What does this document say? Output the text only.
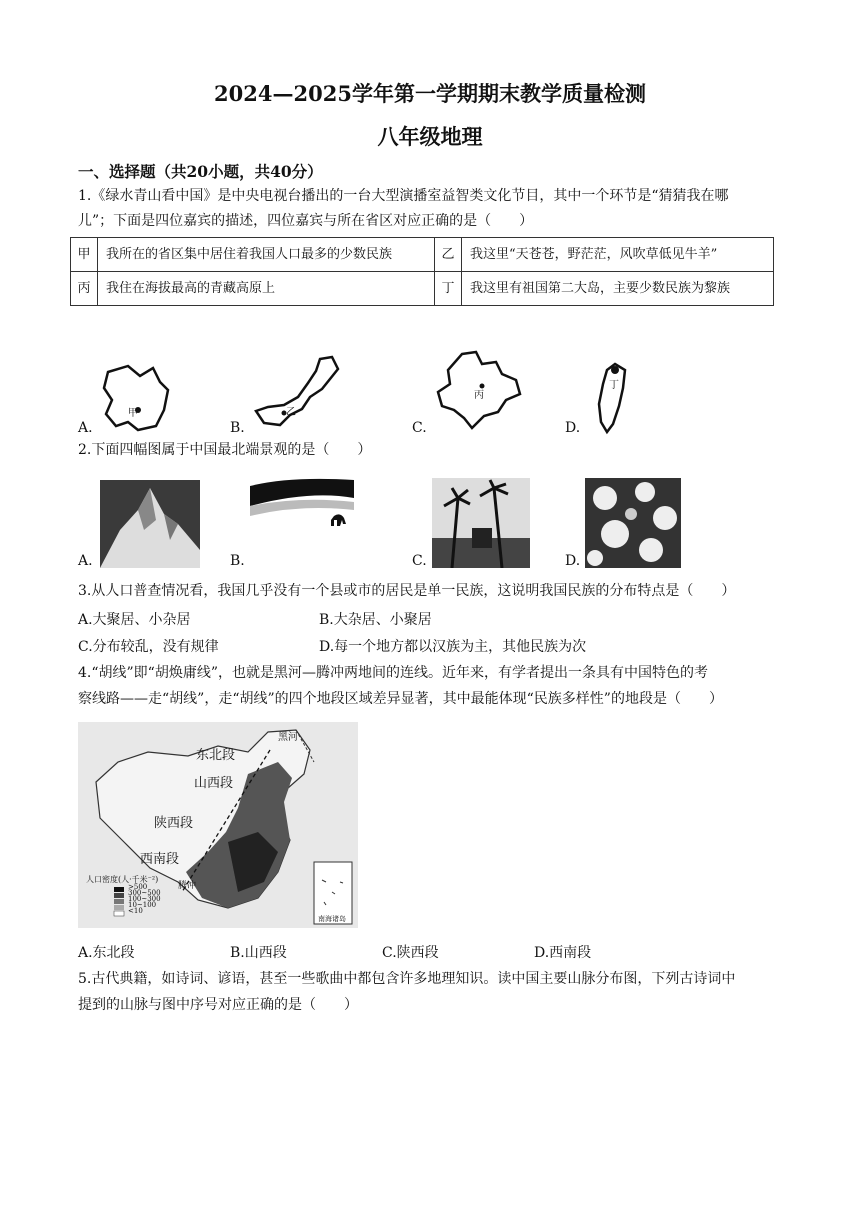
2024—2025学年第一学期期末教学质量检测
八年级地理
一、选择题（共20小题，共40分）
1.《绿水青山看中国》是中央电视台播出的一台大型演播室益智类文化节目，其中一个环节是“猜猜我在哪
儿”；下面是四位嘉宾的描述，四位嘉宾与所在省区对应正确的是（　　）
甲	我所在的省区集中居住着我国人口最多的少数民族	乙	我这里“天苍苍，野茫茫，风吹草低见牛羊”
丙	我住在海拔最高的青藏高原上	丁	我这里有祖国第二大岛，主要少数民族为黎族
A.
甲
B.
乙
C.
丙
D.
丁
2.下面四幅图属于中国最北端景观的是（　　）
A.	B.	C.	D.
3.从人口普查情况看，我国几乎没有一个县或市的居民是单一民族，这说明我国民族的分布特点是（　　）
A.大聚居、小杂居	B.大杂居、小聚居
C.分布较乱，没有规律	D.每一个地方都以汉族为主，其他民族为次
4.“胡线”即“胡焕庸线”，也就是黑河—腾冲两地间的连线。近年来，有学者提出一条具有中国特色的考
察线路——走“胡线”，走“胡线”的四个地段区域差异显著，其中最能体现“民族多样性”的地段是（　　）
黑河
东北段
山西段
陕西段
西南段
腾冲
人口密度(人·千米⁻²)
>500
300~500
100~300
10~100
<10
南海诸岛
A.东北段	B.山西段	C.陕西段	D.西南段
5.古代典籍，如诗词、谚语，甚至一些歌曲中都包含许多地理知识。读中国主要山脉分布图，下列古诗词中
提到的山脉与图中序号对应正确的是（　　）
